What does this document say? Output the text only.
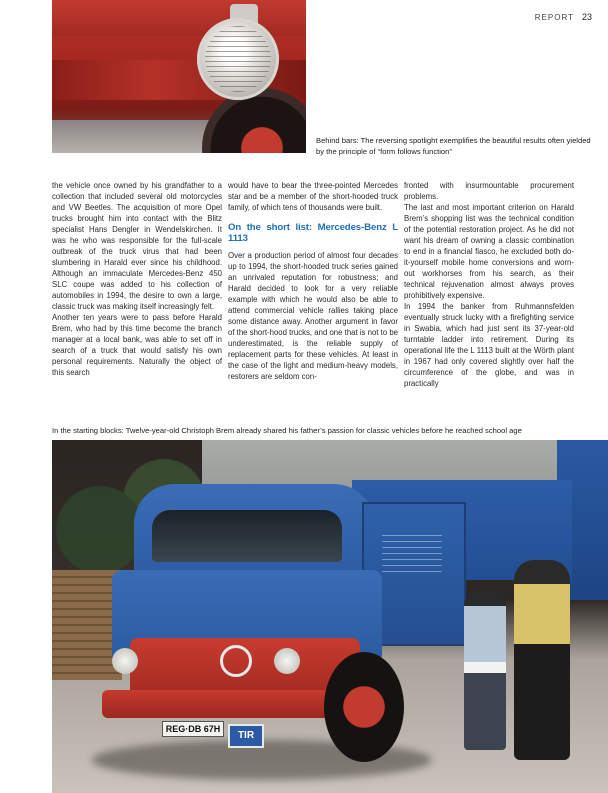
REPORT 23
Behind bars: The reversing spotlight exemplifies the beautiful results often yielded by the principle of “form follows function”

the vehicle once owned by his grandfather to a collection that included several old motorcycles and VW Beetles. The acquisition of more Opel trucks brought him into contact with the Blitz specialist Hans Dengler in Wendelskirchen. It was he who was responsible for the full-scale outbreak of the truck virus that had been slumbering in Harald ever since his childhood. Although an immaculate Mercedes-Benz 450 SLC coupe was added to his collection of automobiles in 1994, the desire to own a large, classic truck was making itself increasingly felt.

Another ten years were to pass before Harald Brem, who had by this time become the branch manager at a local bank, was able to set off in search of a truck that would satisfy his own personal requirements. Naturally the object of this search

would have to bear the three-pointed Mercedes star and be a member of the short-hooded truck family, of which tens of thousands were built.

On the short list: Mercedes-Benz L 1113

Over a production period of almost four decades up to 1994, the short-hooded truck series gained an unrivaled reputation for robustness; and Harald decided to look for a very reliable example with which he would also be able to attend commercial vehicle rallies taking place some distance away. Another argument in favor of the short-hood trucks, and one that is not to be underestimated, is the reliable supply of replacement parts for these vehicles. At least in the case of the light and medium-heavy models, restorers are seldom con-

fronted with insurmountable procurement problems.

The last and most important criterion on Harald Brem’s shopping list was the technical condition of the potential restoration project. As he did not want his dream of owning a classic combination to end in a financial fiasco, he excluded both do-it-yourself mobile home conversions and worn-out workhorses from his search, as their technical rejuvenation almost always proves prohibitively expensive.

In 1994 the banker from Ruhmannsfelden eventually struck lucky with a firefighting service in Swabia, which had just sent its 37-year-old turntable ladder into retirement. During its operational life the L 1113 built at the Wörth plant in 1967 had only covered slightly over half the circumference of the globe, and was in practically

In the starting blocks: Twelve-year-old Christoph Brem already shared his father’s passion for classic vehicles before he reached school age
REG·DB 67H
TIR
